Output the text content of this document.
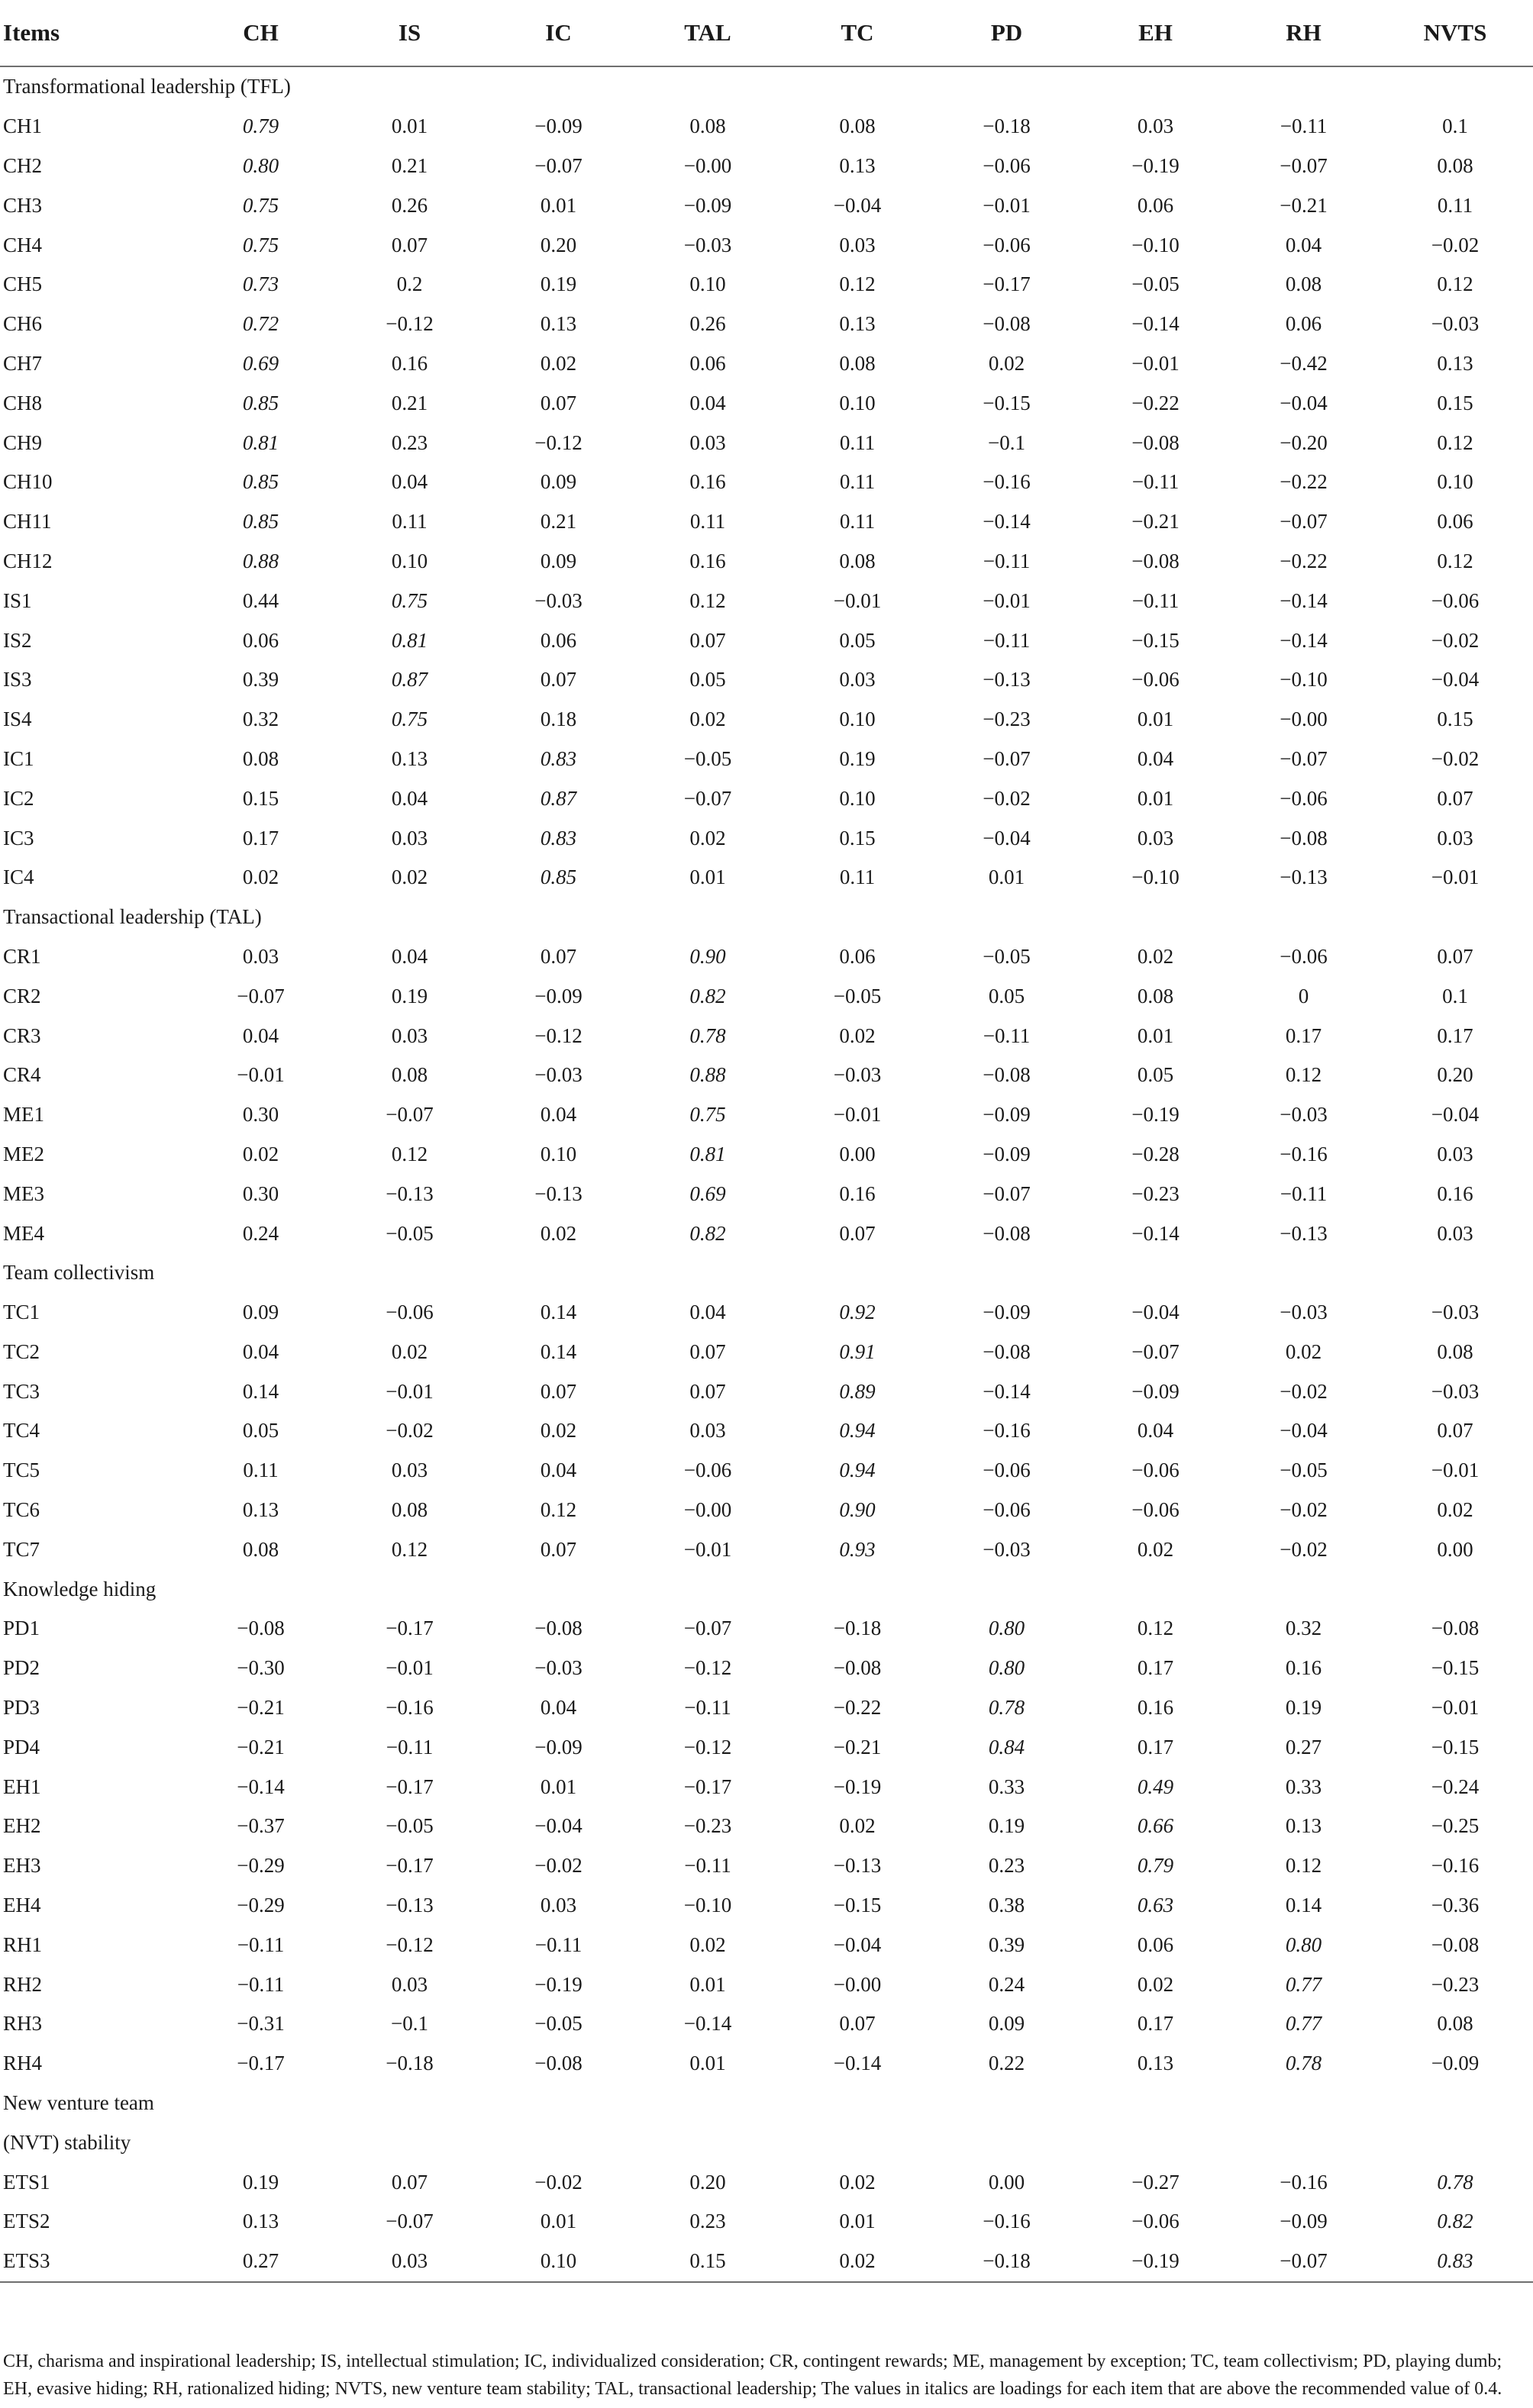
Items	CH	IS	IC	TAL	TC	PD	EH	RH	NVTS
Transformational leadership (TFL)									
CH1	0.79	0.01	−0.09	0.08	0.08	−0.18	0.03	−0.11	0.1
CH2	0.80	0.21	−0.07	−0.00	0.13	−0.06	−0.19	−0.07	0.08
CH3	0.75	0.26	0.01	−0.09	−0.04	−0.01	0.06	−0.21	0.11
CH4	0.75	0.07	0.20	−0.03	0.03	−0.06	−0.10	0.04	−0.02
CH5	0.73	0.2	0.19	0.10	0.12	−0.17	−0.05	0.08	0.12
CH6	0.72	−0.12	0.13	0.26	0.13	−0.08	−0.14	0.06	−0.03
CH7	0.69	0.16	0.02	0.06	0.08	0.02	−0.01	−0.42	0.13
CH8	0.85	0.21	0.07	0.04	0.10	−0.15	−0.22	−0.04	0.15
CH9	0.81	0.23	−0.12	0.03	0.11	−0.1	−0.08	−0.20	0.12
CH10	0.85	0.04	0.09	0.16	0.11	−0.16	−0.11	−0.22	0.10
CH11	0.85	0.11	0.21	0.11	0.11	−0.14	−0.21	−0.07	0.06
CH12	0.88	0.10	0.09	0.16	0.08	−0.11	−0.08	−0.22	0.12
IS1	0.44	0.75	−0.03	0.12	−0.01	−0.01	−0.11	−0.14	−0.06
IS2	0.06	0.81	0.06	0.07	0.05	−0.11	−0.15	−0.14	−0.02
IS3	0.39	0.87	0.07	0.05	0.03	−0.13	−0.06	−0.10	−0.04
IS4	0.32	0.75	0.18	0.02	0.10	−0.23	0.01	−0.00	0.15
IC1	0.08	0.13	0.83	−0.05	0.19	−0.07	0.04	−0.07	−0.02
IC2	0.15	0.04	0.87	−0.07	0.10	−0.02	0.01	−0.06	0.07
IC3	0.17	0.03	0.83	0.02	0.15	−0.04	0.03	−0.08	0.03
IC4	0.02	0.02	0.85	0.01	0.11	0.01	−0.10	−0.13	−0.01
Transactional leadership (TAL)									
CR1	0.03	0.04	0.07	0.90	0.06	−0.05	0.02	−0.06	0.07
CR2	−0.07	0.19	−0.09	0.82	−0.05	0.05	0.08	0	0.1
CR3	0.04	0.03	−0.12	0.78	0.02	−0.11	0.01	0.17	0.17
CR4	−0.01	0.08	−0.03	0.88	−0.03	−0.08	0.05	0.12	0.20
ME1	0.30	−0.07	0.04	0.75	−0.01	−0.09	−0.19	−0.03	−0.04
ME2	0.02	0.12	0.10	0.81	0.00	−0.09	−0.28	−0.16	0.03
ME3	0.30	−0.13	−0.13	0.69	0.16	−0.07	−0.23	−0.11	0.16
ME4	0.24	−0.05	0.02	0.82	0.07	−0.08	−0.14	−0.13	0.03
Team collectivism									
TC1	0.09	−0.06	0.14	0.04	0.92	−0.09	−0.04	−0.03	−0.03
TC2	0.04	0.02	0.14	0.07	0.91	−0.08	−0.07	0.02	0.08
TC3	0.14	−0.01	0.07	0.07	0.89	−0.14	−0.09	−0.02	−0.03
TC4	0.05	−0.02	0.02	0.03	0.94	−0.16	0.04	−0.04	0.07
TC5	0.11	0.03	0.04	−0.06	0.94	−0.06	−0.06	−0.05	−0.01
TC6	0.13	0.08	0.12	−0.00	0.90	−0.06	−0.06	−0.02	0.02
TC7	0.08	0.12	0.07	−0.01	0.93	−0.03	0.02	−0.02	0.00
Knowledge hiding									
PD1	−0.08	−0.17	−0.08	−0.07	−0.18	0.80	0.12	0.32	−0.08
PD2	−0.30	−0.01	−0.03	−0.12	−0.08	0.80	0.17	0.16	−0.15
PD3	−0.21	−0.16	0.04	−0.11	−0.22	0.78	0.16	0.19	−0.01
PD4	−0.21	−0.11	−0.09	−0.12	−0.21	0.84	0.17	0.27	−0.15
EH1	−0.14	−0.17	0.01	−0.17	−0.19	0.33	0.49	0.33	−0.24
EH2	−0.37	−0.05	−0.04	−0.23	0.02	0.19	0.66	0.13	−0.25
EH3	−0.29	−0.17	−0.02	−0.11	−0.13	0.23	0.79	0.12	−0.16
EH4	−0.29	−0.13	0.03	−0.10	−0.15	0.38	0.63	0.14	−0.36
RH1	−0.11	−0.12	−0.11	0.02	−0.04	0.39	0.06	0.80	−0.08
RH2	−0.11	0.03	−0.19	0.01	−0.00	0.24	0.02	0.77	−0.23
RH3	−0.31	−0.1	−0.05	−0.14	0.07	0.09	0.17	0.77	0.08
RH4	−0.17	−0.18	−0.08	0.01	−0.14	0.22	0.13	0.78	−0.09
New venture team									
(NVT) stability									
ETS1	0.19	0.07	−0.02	0.20	0.02	0.00	−0.27	−0.16	0.78
ETS2	0.13	−0.07	0.01	0.23	0.01	−0.16	−0.06	−0.09	0.82
ETS3	0.27	0.03	0.10	0.15	0.02	−0.18	−0.19	−0.07	0.83
CH, charisma and inspirational leadership; IS, intellectual stimulation; IC, individualized consideration; CR, contingent rewards; ME, management by exception; TC, team collectivism; PD, playing dumb; EH, evasive hiding; RH, rationalized hiding; NVTS, new venture team stability; TAL, transactional leadership; The values in italics are loadings for each item that are above the recommended value of 0.4.
